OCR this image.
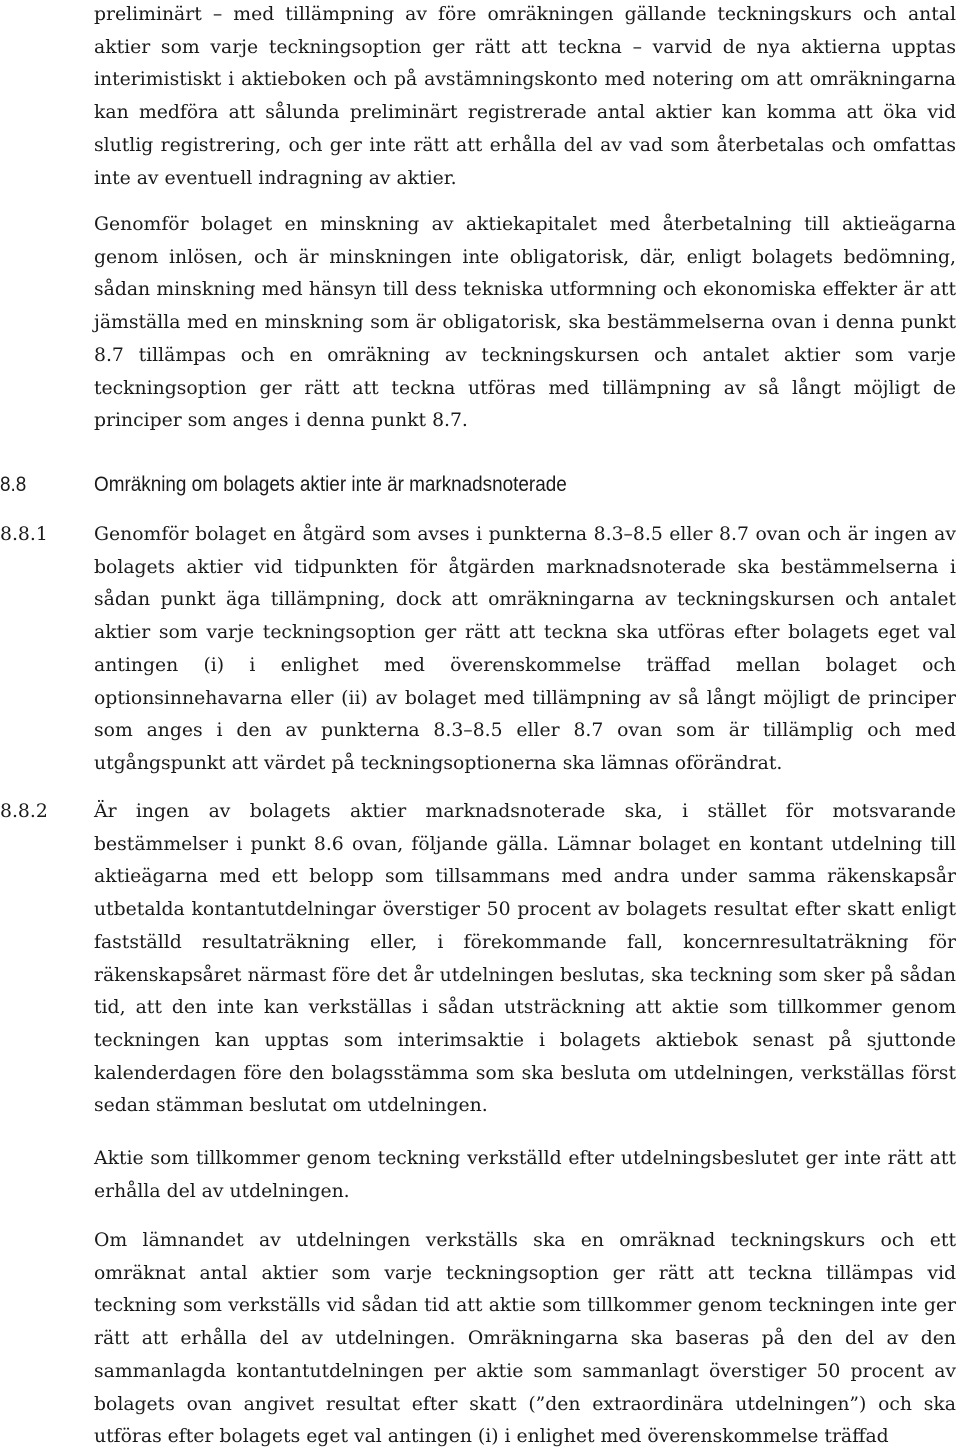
preliminärt – med tillämpning av före omräkningen gällande teckningskurs och antal aktier som varje teckningsoption ger rätt att teckna – varvid de nya aktierna upptas interimistiskt i aktieboken och på avstämningskonto med notering om att omräkningarna kan medföra att sålunda preliminärt registrerade antal aktier kan komma att öka vid slutlig registrering, och ger inte rätt att erhålla del av vad som återbetalas och omfattas inte av eventuell indragning av aktier.

Genomför bolaget en minskning av aktiekapitalet med återbetalning till aktieägarna genom inlösen, och är minskningen inte obligatorisk, där, enligt bolagets bedömning, sådan minskning med hänsyn till dess tekniska utformning och ekonomiska effekter är att jämställa med en minskning som är obligatorisk, ska bestämmelserna ovan i denna punkt 8.7 tillämpas och en omräkning av teckningskursen och antalet aktier som varje teckningsoption ger rätt att teckna utföras med tillämpning av så långt möjligt de principer som anges i denna punkt 8.7.

8.8	Omräkning om bolagets aktier inte är marknadsnoterade
8.8.1 Genomför bolaget en åtgärd som avses i punkterna 8.3–8.5 eller 8.7 ovan och är ingen av bolagets aktier vid tidpunkten för åtgärden marknadsnoterade ska bestämmelserna i sådan punkt äga tillämpning, dock att omräkningarna av teckningskursen och antalet aktier som varje teckningsoption ger rätt att teckna ska utföras efter bolagets eget val antingen (i) i enlighet med överenskommelse träffad mellan bolaget och optionsinnehavarna eller (ii) av bolaget med tillämpning av så långt möjligt de principer som anges i den av punkterna 8.3–8.5 eller 8.7 ovan som är tillämplig och med utgångspunkt att värdet på teckningsoptionerna ska lämnas oförändrat.

8.8.2 Är ingen av bolagets aktier marknadsnoterade ska, i stället för motsvarande bestämmelser i punkt 8.6 ovan, följande gälla. Lämnar bolaget en kontant utdelning till aktieägarna med ett belopp som tillsammans med andra under samma räkenskapsår utbetalda kontantutdelningar överstiger 50 procent av bolagets resultat efter skatt enligt fastställd resultaträkning eller, i förekommande fall, koncernresultaträkning för räkenskapsåret närmast före det år utdelningen beslutas, ska teckning som sker på sådan tid, att den inte kan verkställas i sådan utsträckning att aktie som tillkommer genom teckningen kan upptas som interimsaktie i bolagets aktiebok senast på sjuttonde kalenderdagen före den bolagsstämma som ska besluta om utdelningen, verkställas först sedan stämman beslutat om utdelningen.

Aktie som tillkommer genom teckning verkställd efter utdelningsbeslutet ger inte rätt att erhålla del av utdelningen.

Om lämnandet av utdelningen verkställs ska en omräknad teckningskurs och ett omräknat antal aktier som varje teckningsoption ger rätt att teckna tillämpas vid teckning som verkställs vid sådan tid att aktie som tillkommer genom teckningen inte ger rätt att erhålla del av utdelningen. Omräkningarna ska baseras på den del av den sammanlagda kontantutdelningen per aktie som sammanlagt överstiger 50 procent av bolagets ovan angivet resultat efter skatt (”den extraordinära utdelningen”) och ska utföras efter bolagets eget val antingen (i) i enlighet med överenskommelse träffad
